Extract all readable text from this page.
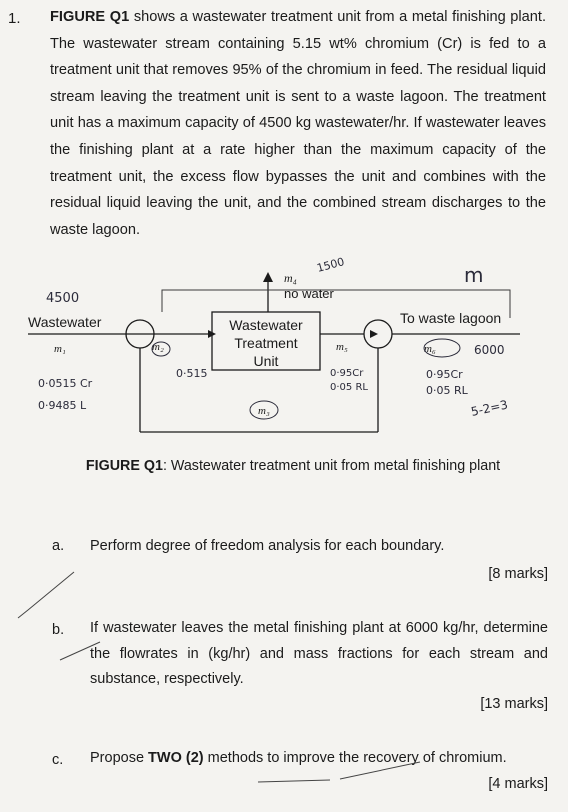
1. FIGURE Q1 shows a wastewater treatment unit from a metal finishing plant. The wastewater stream containing 5.15 wt% chromium (Cr) is fed to a treatment unit that removes 95% of the chromium in feed. The residual liquid stream leaving the treatment unit is sent to a waste lagoon. The treatment unit has a maximum capacity of 4500 kg wastewater/hr. If wastewater leaves the finishing plant at a rate higher than the maximum capacity of the treatment unit, the excess flow bypasses the unit and combines with the residual liquid leaving the unit, and the combined stream discharges to the waste lagoon.
Wastewater	Wastewater
Treatment
Unit
no water
To waste lagoon
m₄
m₂	m₅
m₃
m₆
m₁
4500
m
0·0515 Cr
0·9485 L
0·515	0·95Cr
0·05 RL
0·95Cr
0·05 RL
6000
1500
5-2=3
FIGURE Q1: Wastewater treatment unit from metal finishing plant
a. Perform degree of freedom analysis for each boundary.
[8 marks]
b. If wastewater leaves the metal finishing plant at 6000 kg/hr, determine the flowrates in (kg/hr) and mass fractions for each stream and substance, respectively.
[13 marks]
c. Propose TWO (2) methods to improve the recovery of chromium.
[4 marks]
